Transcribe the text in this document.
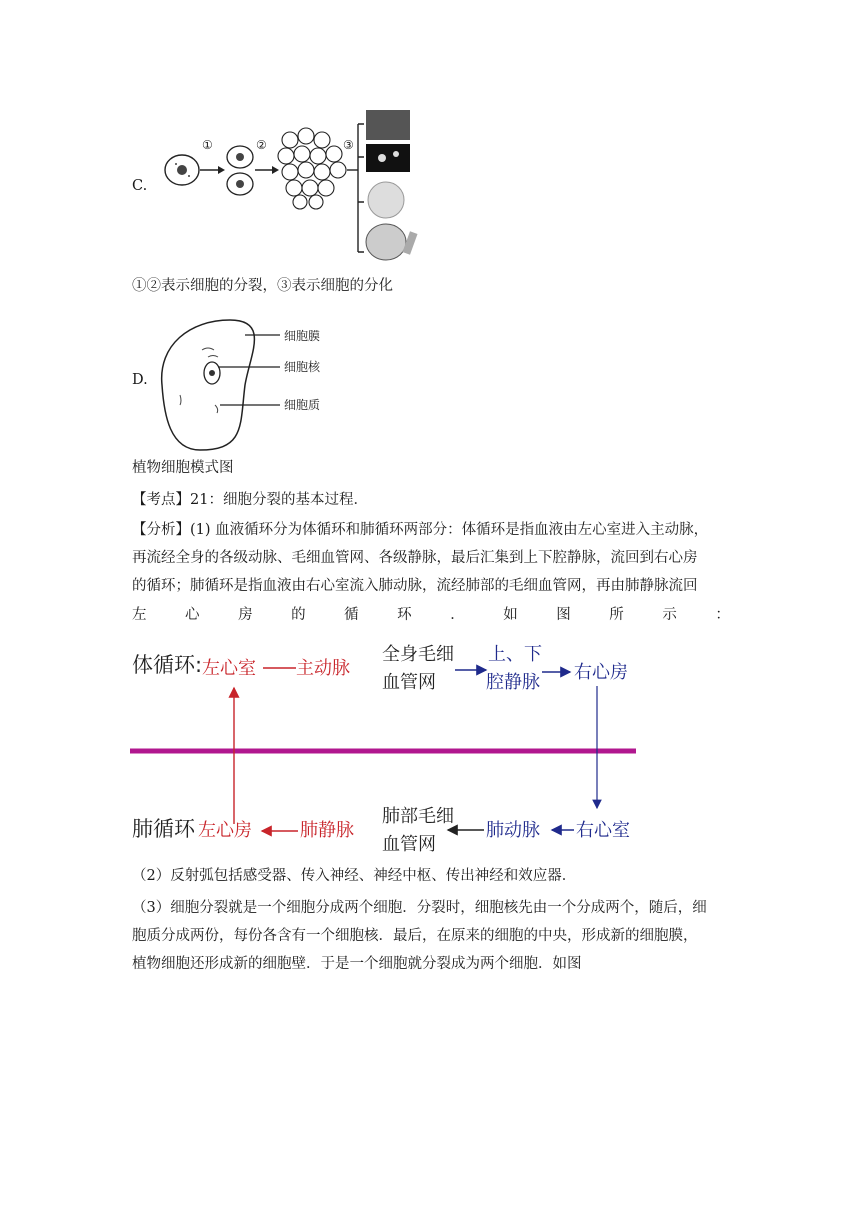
C.
①	②	③
①②表示细胞的分裂，③表示细胞的分化
D.
细胞膜
细胞核
细胞质
植物细胞模式图
【考点】21：细胞分裂的基本过程．
【分析】(1) 血液循环分为体循环和肺循环两部分：体循环是指血液由左心室进入主动脉，
再流经全身的各级动脉、毛细血管网、各级静脉，最后汇集到上下腔静脉，流回到右心房
的循环；肺循环是指血液由右心室流入肺动脉，流经肺部的毛细血管网，再由肺静脉流回
左	心	房	的	循	环	．	如	图	所	示	：
体循环: 左心室 主动脉
全身毛细
血管网
上、下
腔静脉 右心房
肺循环 左心房	肺静脉
肺部毛细
血管网
肺动脉 右心室
（2）反射弧包括感受器、传入神经、神经中枢、传出神经和效应器．
（3）细胞分裂就是一个细胞分成两个细胞．分裂时，细胞核先由一个分成两个，随后，细
胞质分成两份，每份各含有一个细胞核．最后，在原来的细胞的中央，形成新的细胞膜，
植物细胞还形成新的细胞壁．于是一个细胞就分裂成为两个细胞．如图
